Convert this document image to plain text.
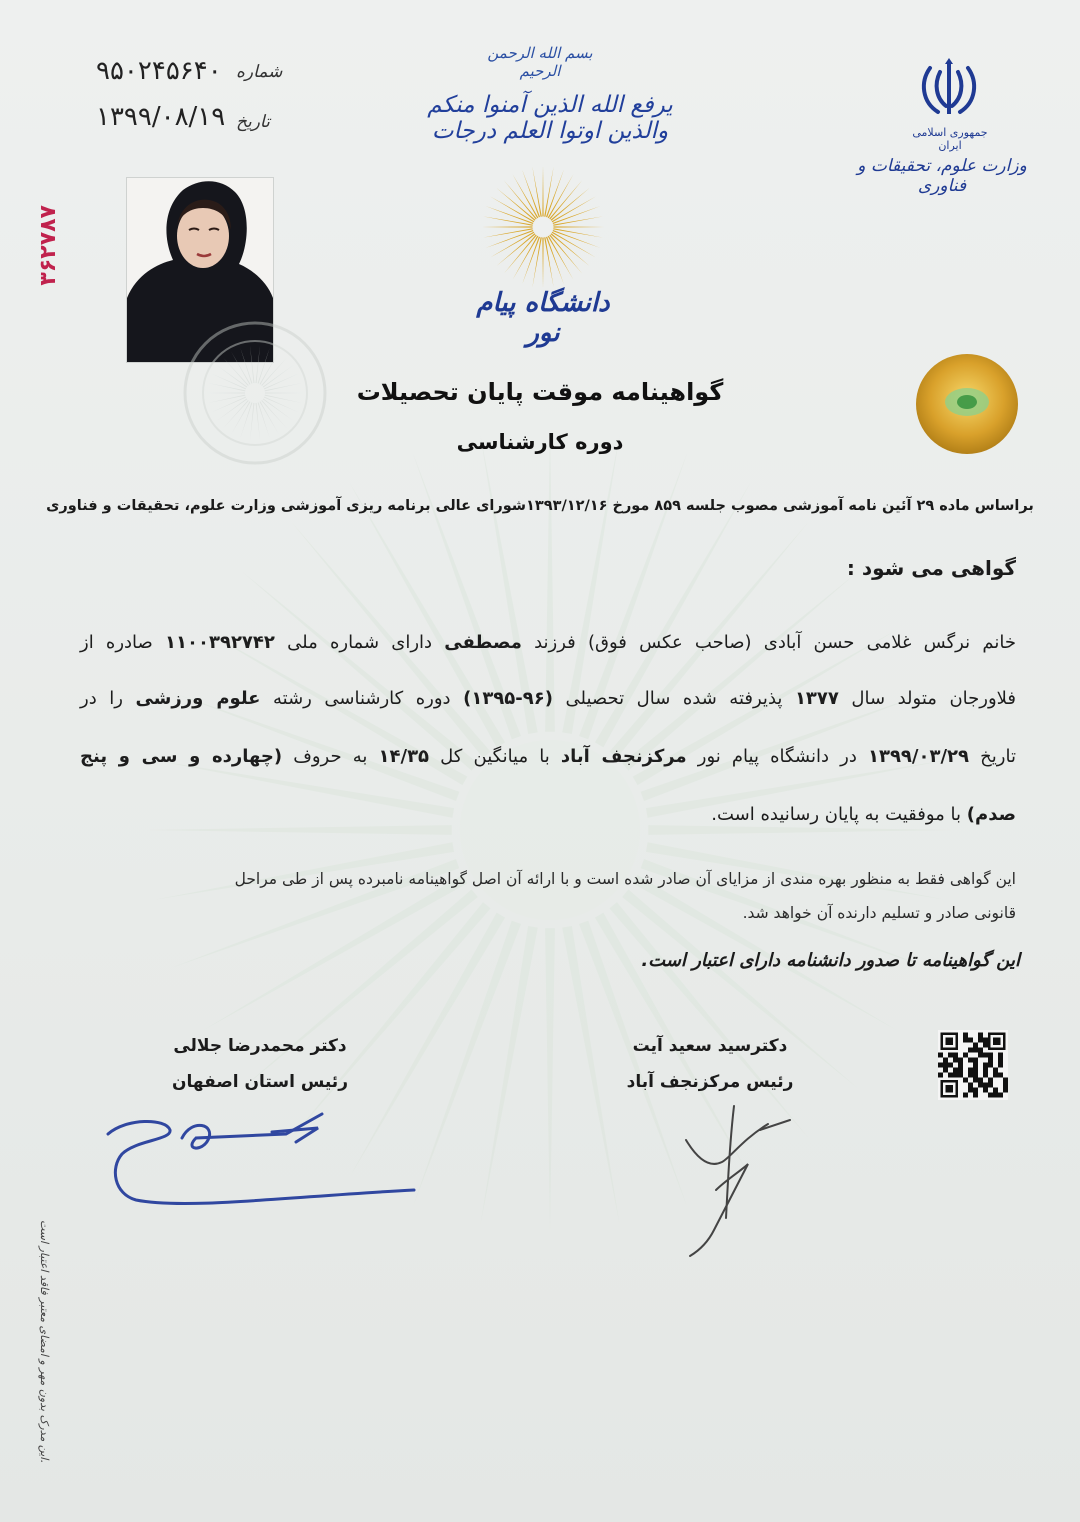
شماره
۹۵۰۲۴۵۶۴۰
تاریخ
۱۳۹۹/۰۸/۱۹
۳۶۲۷۸۷
بسم الله الرحمن الرحیم
یرفع الله الذین آمنوا منکم والذین اوتوا العلم درجات
دانشگاه پیام نور
جمهوری اسلامی ایران
وزارت علوم، تحقیقات و فناوری
گواهینامه موقت پایان تحصیلات
دوره کارشناسی
براساس ماده ۲۹ آئین نامه آموزشی مصوب جلسه ۸۵۹ مورخ ۱۳۹۳/۱۲/۱۶شورای عالی برنامه ریزی آموزشی وزارت علوم، تحقیقات و فناوری
گواهی می شود :
خانم نرگس غلامی حسن آبادی (صاحب عکس فوق) فرزند مصطفی دارای شماره ملی ۱۱۰۰۳۹۲۷۴۲ صادره از
فلاورجان متولد سال ۱۳۷۷ پذیرفته شده سال تحصیلی (۹۶-۱۳۹۵) دوره کارشناسی رشته علوم ورزشی را در
تاریخ ۱۳۹۹/۰۳/۲۹ در دانشگاه پیام نور مرکزنجف آباد با میانگین کل ۱۴/۳۵ به حروف (چهارده و سی و پنج
صدم) با موفقیت به پایان رسانیده است.
این گواهی فقط به منظور بهره مندی از مزایای آن صادر شده است و با ارائه آن اصل گواهینامه نامبرده پس از طی مراحل
قانونی صادر و تسلیم دارنده آن خواهد شد.
این گواهینامه تا صدور دانشنامه دارای اعتبار است.
دکترسید سعید آیت
رئیس مرکزنجف آباد
دکتر محمدرضا جلالی
رئیس استان اصفهان
این مدرک بدون مهر و امضای معتبر فاقد اعتبار است.
